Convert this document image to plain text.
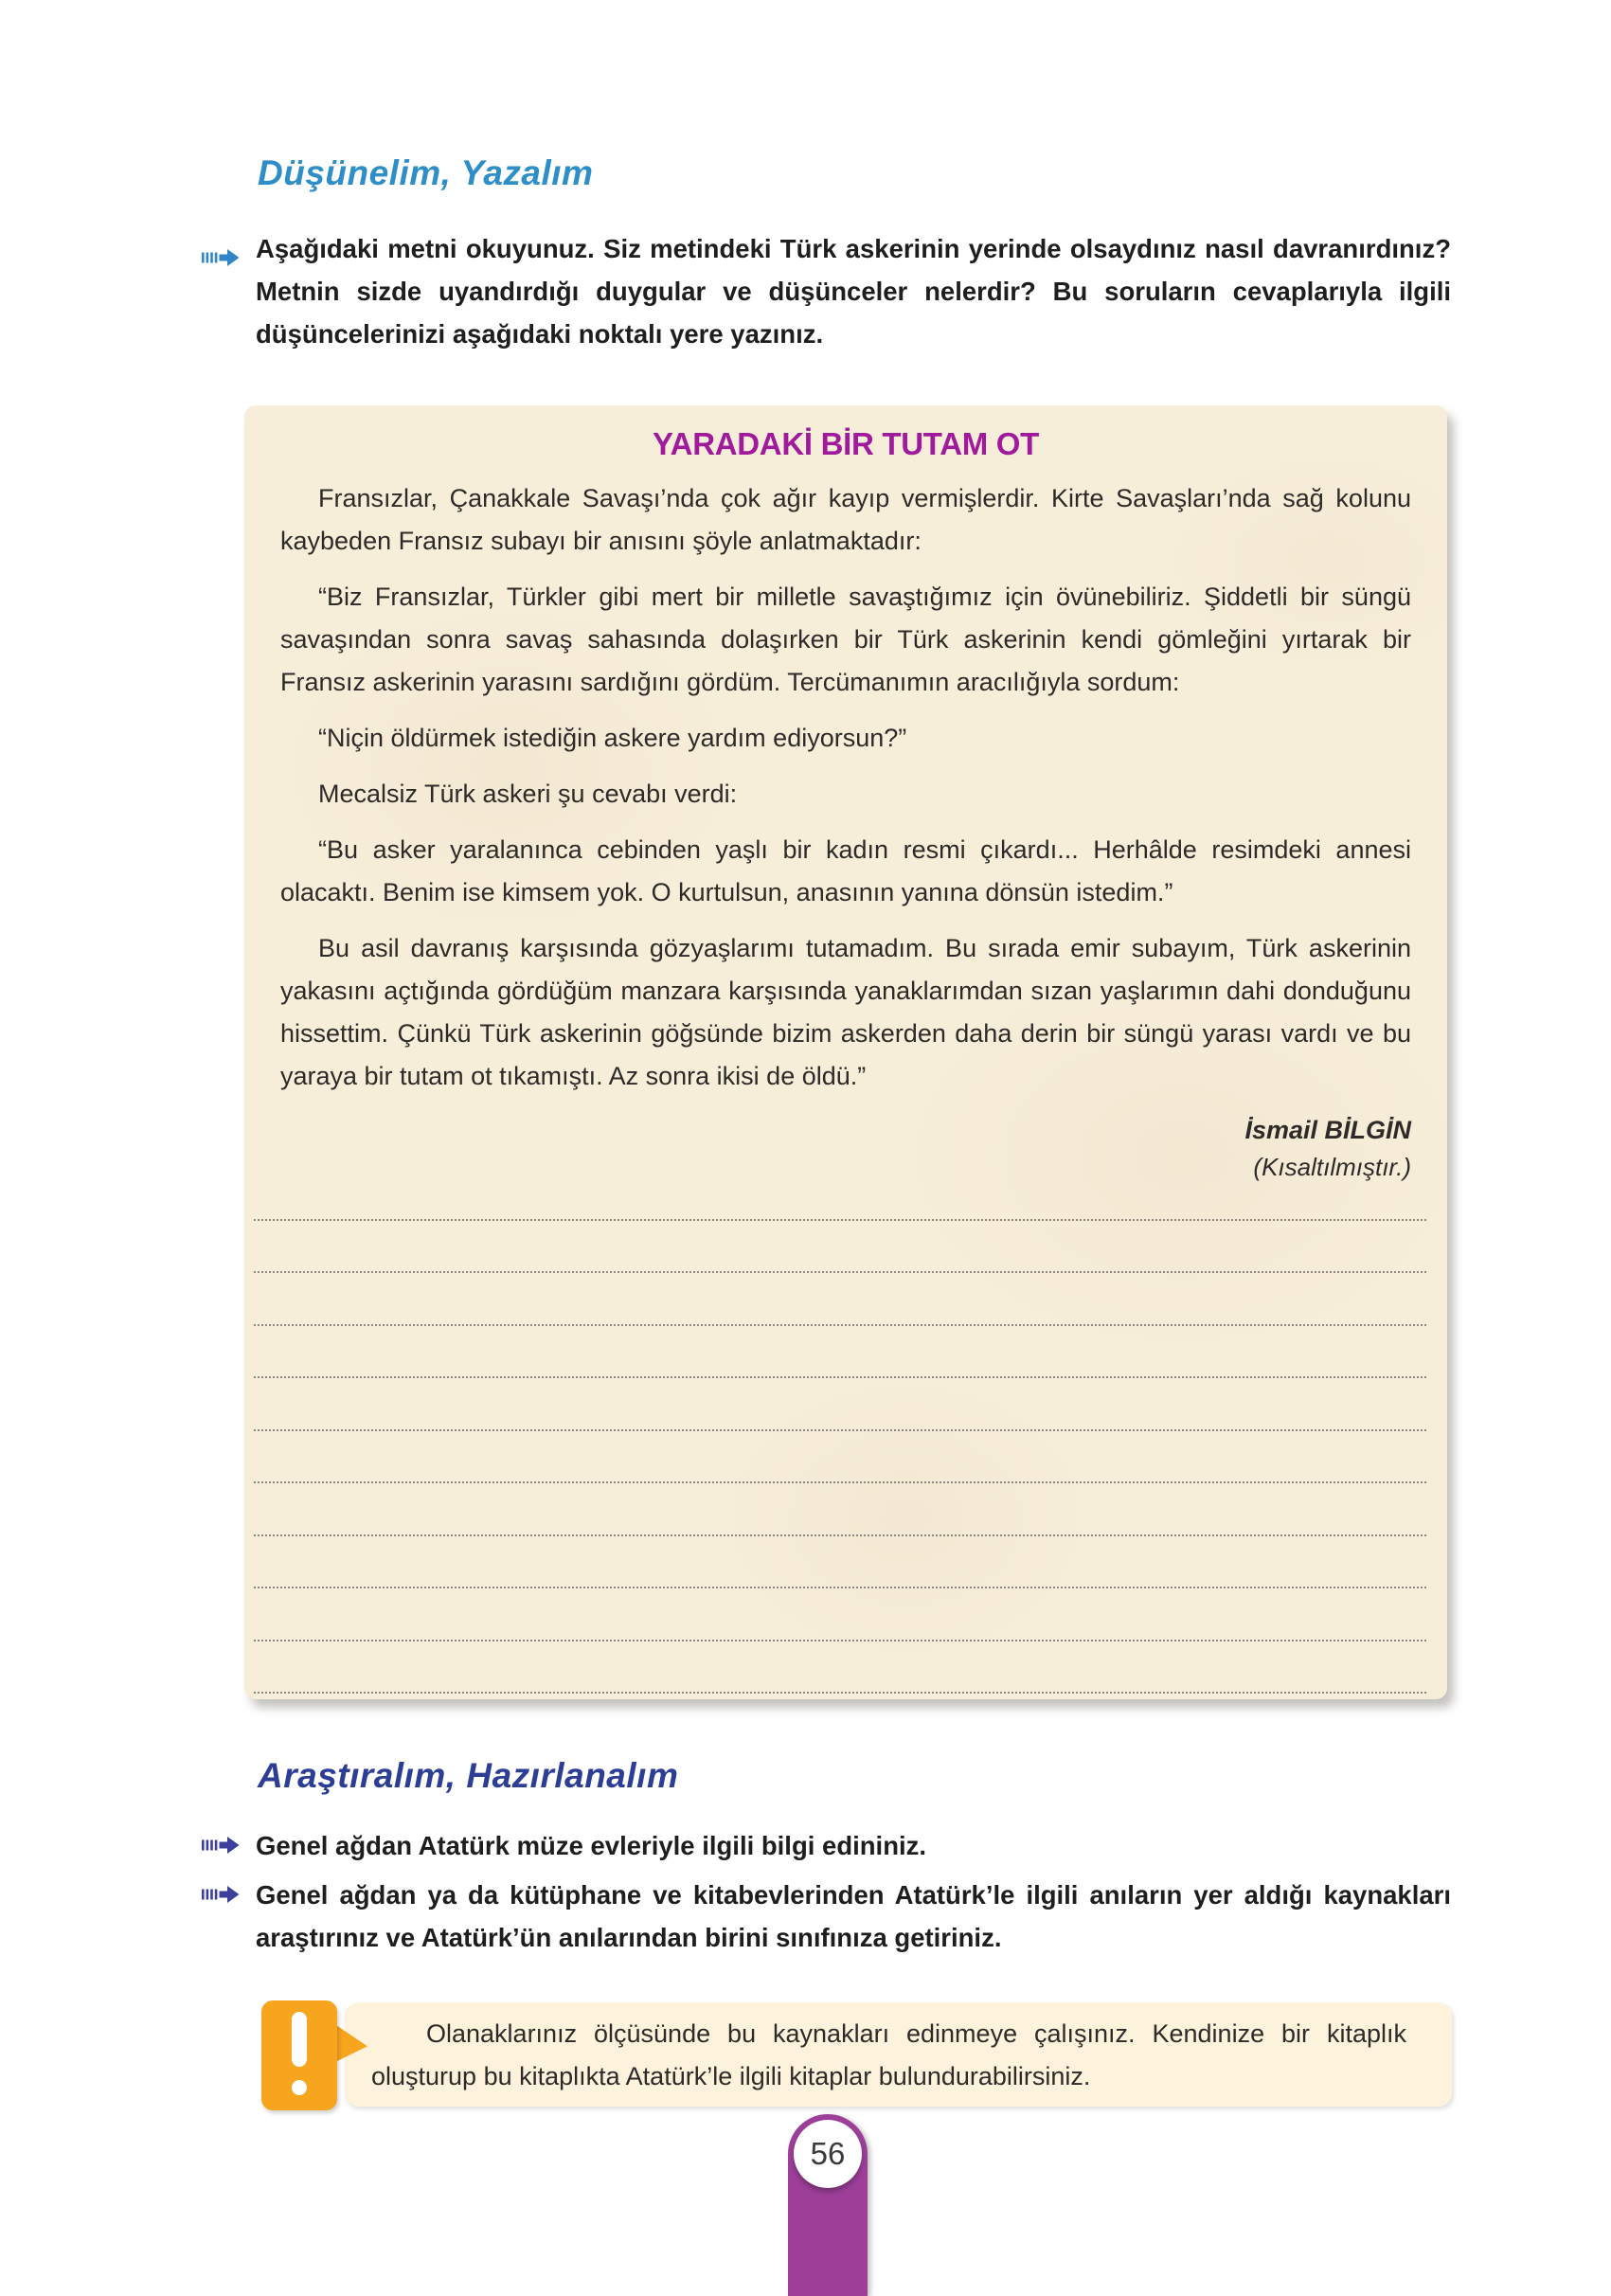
Düşünelim, Yazalım
Aşağıdaki metni okuyunuz. Siz metindeki Türk askerinin yerinde olsaydınız nasıl davranırdınız? Metnin sizde uyandırdığı duygular ve düşünceler nelerdir? Bu soruların cevaplarıyla ilgili düşüncelerinizi aşağıdaki noktalı yere yazınız.
YARADAKİ BİR TUTAM OT

Fransızlar, Çanakkale Savaşı’nda çok ağır kayıp vermişlerdir. Kirte Savaşları’nda sağ kolunu kaybeden Fransız subayı bir anısını şöyle anlatmaktadır:

“Biz Fransızlar, Türkler gibi mert bir milletle savaştığımız için övünebiliriz. Şiddetli bir süngü savaşından sonra savaş sahasında dolaşırken bir Türk askerinin kendi gömleğini yırtarak bir Fransız askerinin yarasını sardığını gördüm. Tercümanımın aracılığıyla sordum:

“Niçin öldürmek istediğin askere yardım ediyorsun?”

Mecalsiz Türk askeri şu cevabı verdi:

“Bu asker yaralanınca cebinden yaşlı bir kadın resmi çıkardı... Herhâlde resimdeki annesi olacaktı. Benim ise kimsem yok. O kurtulsun, anasının yanına dönsün istedim.”

Bu asil davranış karşısında gözyaşlarımı tutamadım. Bu sırada emir subayım, Türk askerinin yakasını açtığında gördüğüm manzara karşısında yanaklarımdan sızan yaşlarımın dahi donduğunu hissettim. Çünkü Türk askerinin göğsünde bizim askerden daha derin bir süngü yarası vardı ve bu yaraya bir tutam ot tıkamıştı. Az sonra ikisi de öldü.”

İsmail BİLGİN
(Kısaltılmıştır.)
Araştıralım, Hazırlanalım
Genel ağdan Atatürk müze evleriyle ilgili bilgi edininiz.
Genel ağdan ya da kütüphane ve kitabevlerinden Atatürk’le ilgili anıların yer aldığı kaynakları araştırınız ve Atatürk’ün anılarından birini sınıfınıza getiriniz.
Olanaklarınız ölçüsünde bu kaynakları edinmeye çalışınız. Kendinize bir kitaplık oluşturup bu kitaplıkta Atatürk’le ilgili kitaplar bulundurabilirsiniz.
56
